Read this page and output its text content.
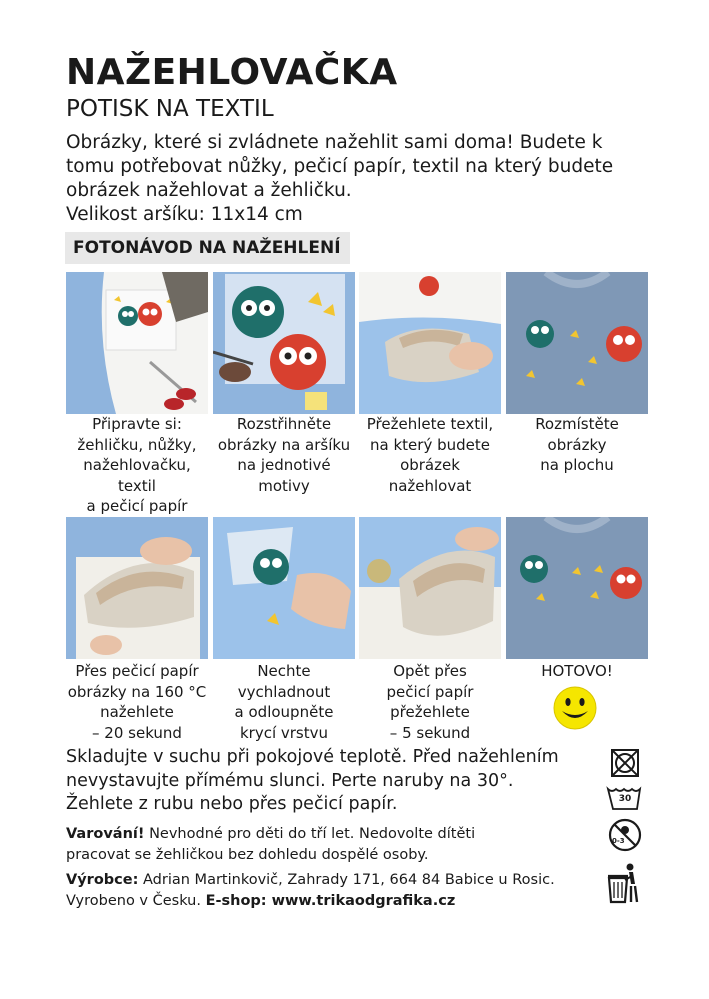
NAŽEHLOVAČKA
POTISK NA TEXTIL

Obrázky, které si zvládnete nažehlit sami doma! Budete k

tomu potřebovat nůžky, pečicí papír, textil na který budete

obrázek nažehlovat a žehličku.

Velikost aršíku: 11x14 cm

FOTONÁVOD NA NAŽEHLENÍ
Připravte si:
žehličku, nůžky,
nažehlovačku,
textil
a pečicí papír
Rozstřihněte
obrázky na aršíku
na jednotivé
motivy
Přežehlete textil,
na který budete
obrázek
nažehlovat
Rozmístěte
obrázky
na plochu
Přes pečicí papír
obrázky na 160 °C
nažehlete
– 20 sekund
Nechte
vychladnout
a odloupněte
krycí vrstvu
Opět přes
pečicí papír
přežehlete
– 5 sekund
HOTOVO!
Skladujte v suchu při pokojové teplotě. Před nažehlením
nevystavujte přímému slunci. Perte naruby na 30°.
Žehlete z rubu nebo přes pečicí papír.	30
0-3
Varování! Nevhodné pro děti do tří let. Nedovolte dítěti
pracovat se žehličkou bez dohledu dospělé osoby.
Výrobce: Adrian Martinkovič, Zahrady 171, 664 84 Babice u Rosic.
Vyrobeno v Česku. E-shop: www.trikaodgrafika.cz
